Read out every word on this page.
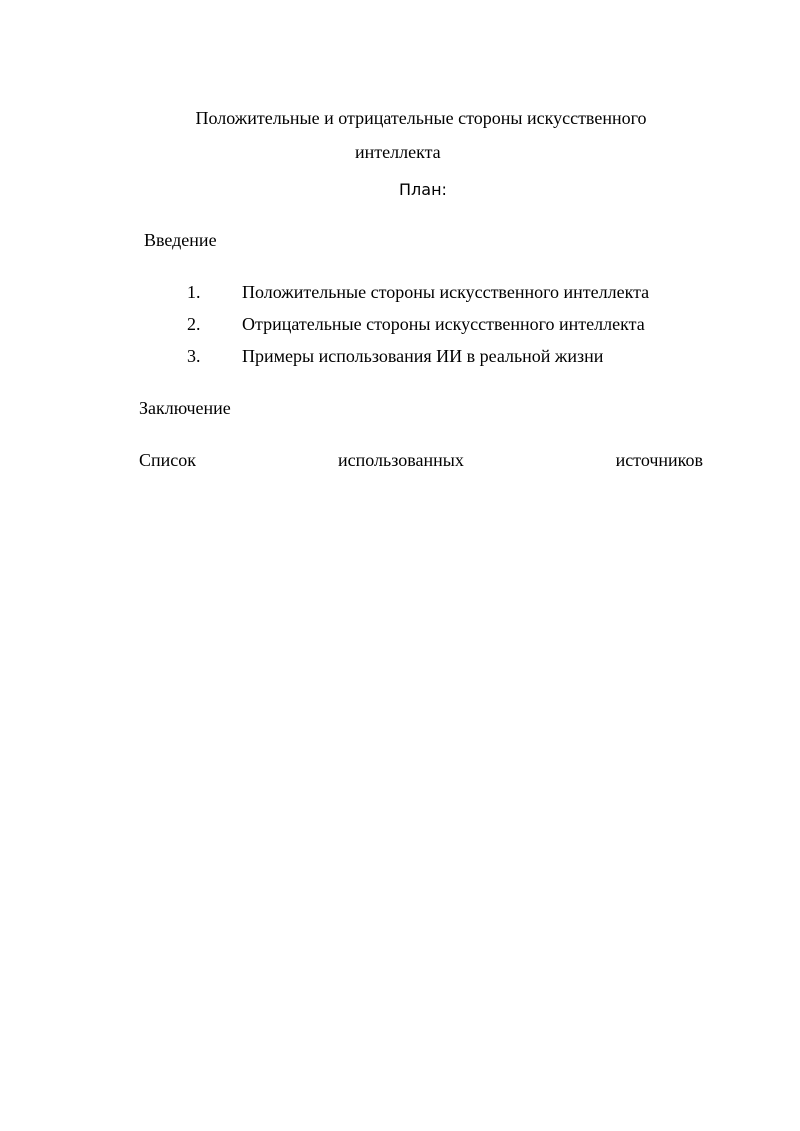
Положительные и отрицательные стороны искусственного
интеллекта
План:
Введение
1. Положительные стороны искусственного интеллекта
2. Отрицательные стороны искусственного интеллекта
3. Примеры использования ИИ в реальной жизни
Заключение
Список	использованных	источников
